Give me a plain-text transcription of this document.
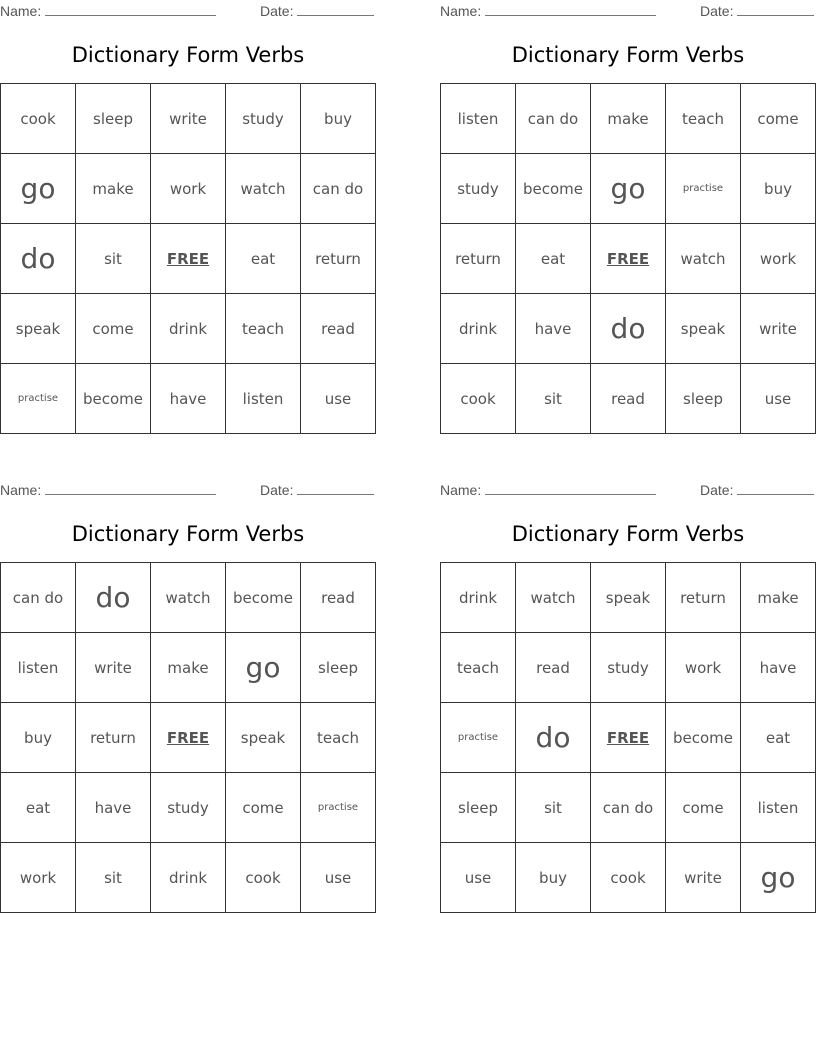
Name:	Date:
Dictionary Form Verbs
cook	sleep	write	study	buy
go	make	work	watch	can do
do	sit	FREE	eat	return
speak	come	drink	teach	read
practise	become	have	listen	use
Name:	Date:
Dictionary Form Verbs
listen	can do	make	teach	come
study	become	go	practise	buy
return	eat	FREE	watch	work
drink	have	do	speak	write
cook	sit	read	sleep	use
Name:	Date:
Dictionary Form Verbs
can do	do	watch	become	read
listen	write	make	go	sleep
buy	return	FREE	speak	teach
eat	have	study	come	practise
work	sit	drink	cook	use
Name:	Date:
Dictionary Form Verbs
drink	watch	speak	return	make
teach	read	study	work	have
practise	do	FREE	become	eat
sleep	sit	can do	come	listen
use	buy	cook	write	go
